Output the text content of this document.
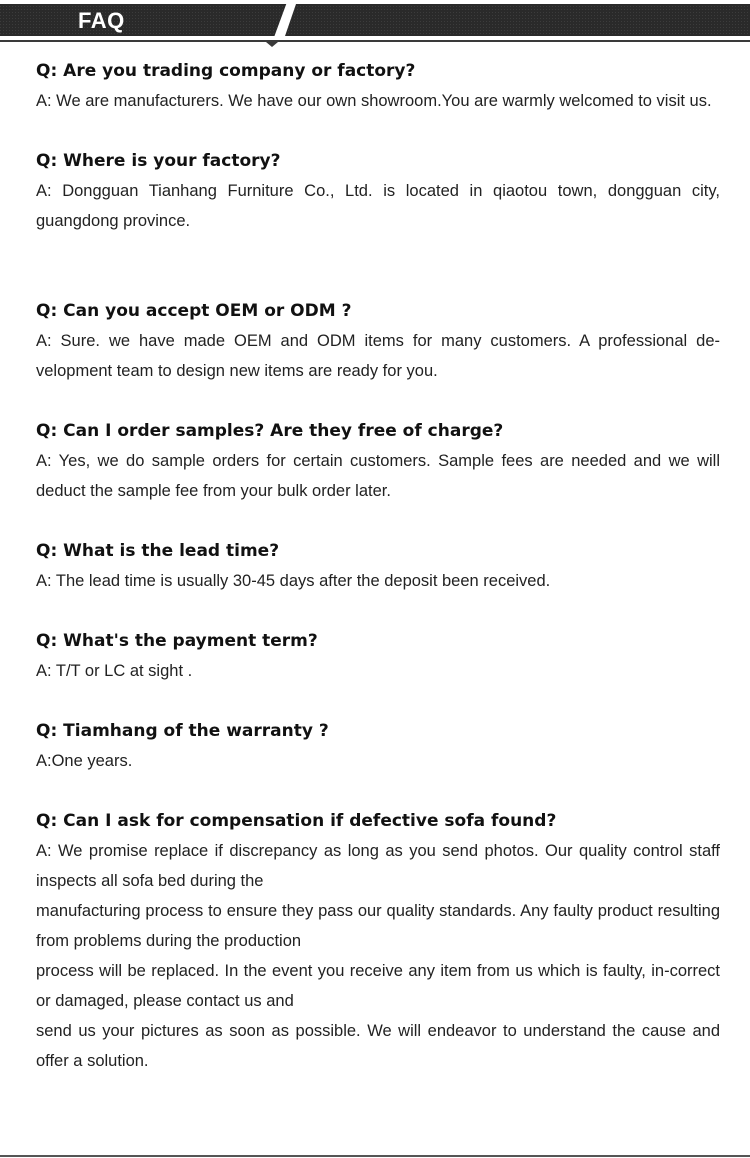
FAQ
Q: Are you trading company or factory?
A: We are manufacturers. We have our own showroom.You are warmly welcomed to visit us.
Q: Where is your factory?
A: Dongguan Tianhang Furniture Co., Ltd. is located in qiaotou town, dongguan city, guangdong province.
Q: Can you accept OEM or ODM ?
A: Sure. we have made OEM and ODM items for many customers. A professional de-velopment team to design new items are ready for you.
Q: Can I order samples? Are they free of charge?
A: Yes, we do sample orders for certain customers. Sample fees are needed and we will deduct the sample fee from your bulk order later.
Q: What is the lead time?
A: The lead time is usually 30-45 days after the deposit been received.
Q: What's the payment term?
A: T/T or LC at sight .
Q: Tiamhang of the warranty ?
A:One years.
Q: Can I ask for compensation if defective sofa found?
A: We promise replace if discrepancy as long as you send photos. Our quality control staff inspects all sofa bed during the
manufacturing process to ensure they pass our quality standards. Any faulty product resulting from problems during the production
process will be replaced. In the event you receive any item from us which is faulty, in-correct or damaged, please contact us and
send us your pictures as soon as possible. We will endeavor to understand the cause and offer a solution.
